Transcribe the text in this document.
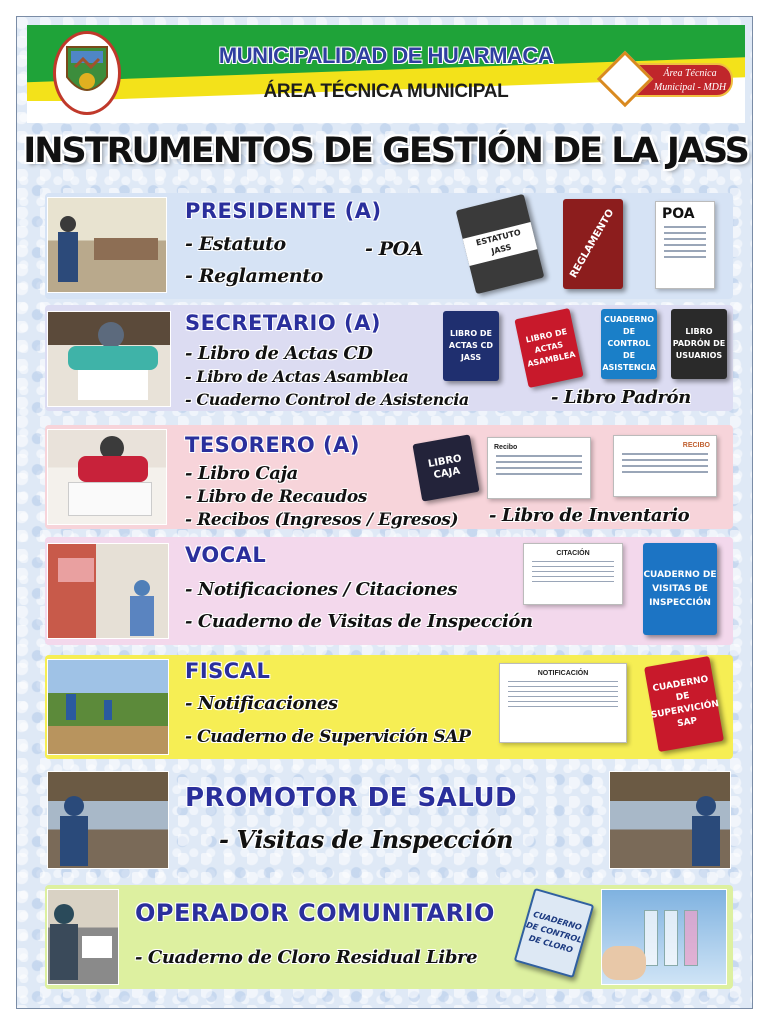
MUNICIPALIDAD DE HUARMACA
ÁREA TÉCNICA MUNICIPAL
Área Técnica Municipal - MDH
INSTRUMENTOS DE GESTIÓN DE LA JASS
PRESIDENTE (A)
- Estatuto
- Reglamento
- POA
ESTATUTO JASS	REGLAMENTO	POA
SECRETARIO (A)
- Libro de Actas CD
- Libro de Actas Asamblea
- Cuaderno Control de Asistencia	- Libro Padrón
LIBRO DE ACTAS CD JASS
LIBRO DE ACTAS ASAMBLEA
CUADERNO DE CONTROL DE ASISTENCIA
LIBRO PADRÓN DE USUARIOS
TESORERO (A)
- Libro Caja
- Libro de Recaudos
- Recibos (Ingresos / Egresos) - Libro de Inventario
LIBRO CAJA
Recibo	RECIBO
VOCAL
- Notificaciones / Citaciones
- Cuaderno de Visitas de Inspección
CITACIÓN
CUADERNO DE VISITAS DE INSPECCIÓN
FISCAL
- Notificaciones
- Cuaderno de Supervición SAP
NOTIFICACIÓN
CUADERNO DE SUPERVICIÓN SAP
PROMOTOR DE SALUD
- Visitas de Inspección
OPERADOR COMUNITARIO
- Cuaderno de Cloro Residual Libre
CUADERNO DE CONTROL DE CLORO
